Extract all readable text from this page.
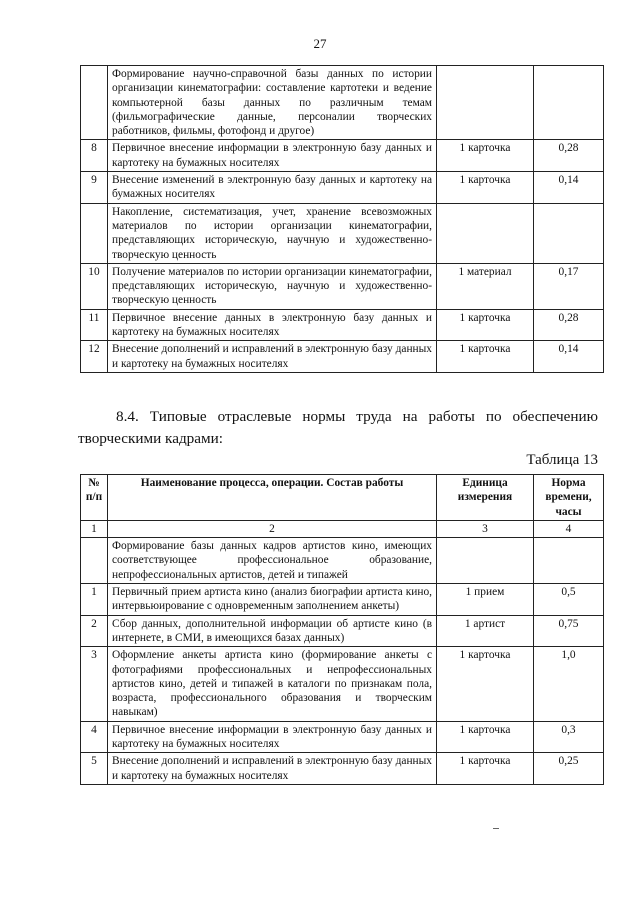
27
	Формирование научно-справочной базы данных по истории организации кинематографии: составление картотеки и ведение компьютерной базы данных по различным темам (фильмографические данные, персоналии творческих работников, фильмы, фотофонд и другое)		
8	Первичное внесение информации в электронную базу данных и картотеку на бумажных носителях	1 карточка	0,28
9	Внесение изменений в электронную базу данных и картотеку на бумажных носителях	1 карточка	0,14
	Накопление, систематизация, учет, хранение всевозможных материалов по истории организации кинематографии, представляющих историческую, научную и художественно-творческую ценность		
10	Получение материалов по истории организации кинематографии, представляющих историческую, научную и художественно-творческую ценность	1 материал	0,17
11	Первичное внесение данных в электронную базу данных и картотеку на бумажных носителях	1 карточка	0,28
12	Внесение дополнений и исправлений в электронную базу данных и картотеку на бумажных носителях	1 карточка	0,14
8.4. Типовые отраслевые нормы труда на работы по обеспечению творческими кадрами:
Таблица 13
№ п/п	Наименование процесса, операции. Состав работы	Единица измерения	Норма времени, часы
1	2	3	4
	Формирование базы данных кадров артистов кино, имеющих соответствующее профессиональное образование, непрофессиональных артистов, детей и типажей		
1	Первичный прием артиста кино (анализ биографии артиста кино, интервьюирование с одновременным заполнением анкеты)	1 прием	0,5
2	Сбор данных, дополнительной информации об артисте кино (в интернете, в СМИ, в имеющихся базах данных)	1 артист	0,75
3	Оформление анкеты артиста кино (формирование анкеты с фотографиями профессиональных и непрофессиональных артистов кино, детей и типажей в каталоги по признакам пола, возраста, профессионального образования и творческим навыкам)	1 карточка	1,0
4	Первичное внесение информации в электронную базу данных и картотеку на бумажных носителях	1 карточка	0,3
5	Внесение дополнений и исправлений в электронную базу данных и картотеку на бумажных носителях	1 карточка	0,25
